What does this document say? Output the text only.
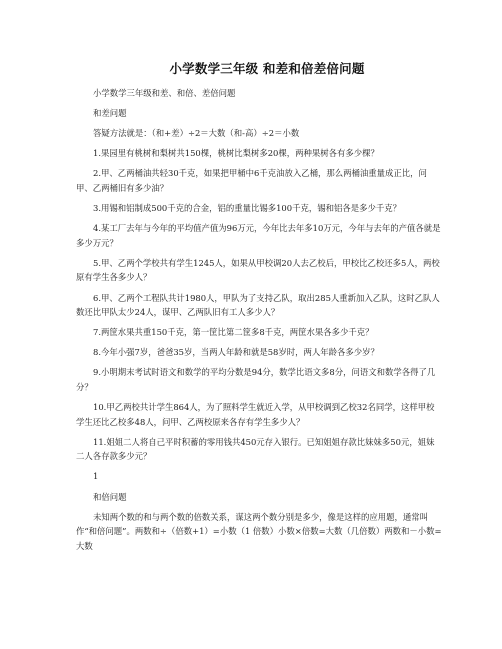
小学数学三年级 和差和倍差倍问题

小学数学三年级和差、和倍、差倍问题

和差问题

答疑方法就是：（和+差）÷2＝大数（和-高）÷2＝小数

1.果园里有桃树和梨树共150棵，桃树比梨树多20棵，两种果树各有多少棵？

2.甲、乙两桶油共轻30千克，如果把甲桶中6千克油放入乙桶，那么两桶油重量成正比，问甲、乙两桶旧有多少油？

3.用锡和铝制成500千克的合金，铝的重量比锡多100千克，锡和铝各是多少千克？

4.某工厂去年与今年的平均值产值为96万元，今年比去年多10万元，今年与去年的产值各就是多少万元？

5.甲、乙两个学校共有学生1245人，如果从甲校调20人去乙校后，甲校比乙校还多5人，两校原有学生各多少人？

6.甲、乙两个工程队共计1980人，甲队为了支持乙队，取出285人重新加入乙队，这时乙队人数还比甲队太少24人，谋甲、乙两队旧有工人多少人？

7.两筐水果共重150千克，第一筐比第二筐多8千克，两筐水果各多少千克？

8.今年小强7岁，爸爸35岁，当两人年龄和就是58岁时，两人年龄各多少岁？

9.小明期末考试时语文和数学的平均分数是94分，数学比语文多8分，问语文和数学各得了几分？

10.甲乙两校共计学生864人，为了照料学生就近入学，从甲校调到乙校32名同学，这样甲校学生还比乙校多48人，问甲、乙两校原来各存有学生多少人？

11.姐姐二人将自己平时积蓄的零用钱共450元存入银行。已知姐姐存款比妹妹多50元，姐妹二人各存款多少元？

1

和倍问题

未知两个数的和与两个数的倍数关系，谋这两个数分别是多少，像是这样的应用题，通常叫作“和倍问题”。两数和÷（倍数+1）=小数（1 倍数）小数×倍数=大数（几倍数）两数和－小数=大数
